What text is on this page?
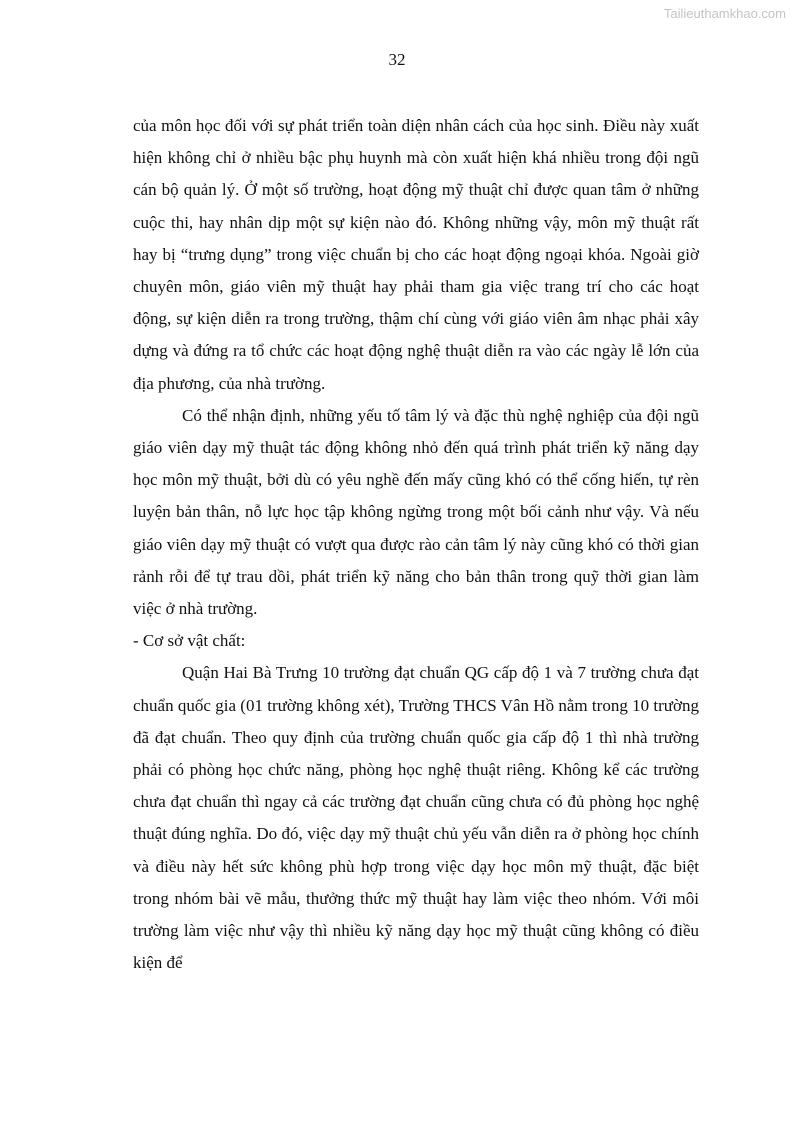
Tailieuthamkhao.com
32

của môn học đối với sự phát triển toàn diện nhân cách của học sinh. Điều này xuất hiện không chỉ ở nhiều bậc phụ huynh mà còn xuất hiện khá nhiều trong đội ngũ cán bộ quản lý. Ở một số trường, hoạt động mỹ thuật chỉ được quan tâm ở những cuộc thi, hay nhân dịp một sự kiện nào đó. Không những vậy, môn mỹ thuật rất hay bị “trưng dụng” trong việc chuẩn bị cho các hoạt động ngoại khóa. Ngoài giờ chuyên môn, giáo viên mỹ thuật hay phải tham gia việc trang trí cho các hoạt động, sự kiện diễn ra trong trường, thậm chí cùng với giáo viên âm nhạc phải xây dựng và đứng ra tổ chức các hoạt động nghệ thuật diễn ra vào các ngày lễ lớn của địa phương, của nhà trường.

Có thể nhận định, những yếu tố tâm lý và đặc thù nghệ nghiệp của đội ngũ giáo viên dạy mỹ thuật tác động không nhỏ đến quá trình phát triển kỹ năng dạy học môn mỹ thuật, bởi dù có yêu nghề đến mấy cũng khó có thể cống hiến, tự rèn luyện bản thân, nỗ lực học tập không ngừng trong một bối cảnh như vậy. Và nếu giáo viên dạy mỹ thuật có vượt qua được rào cản tâm lý này cũng khó có thời gian rảnh rỗi để tự trau dồi, phát triển kỹ năng cho bản thân trong quỹ thời gian làm việc ở nhà trường.

- Cơ sở vật chất:

Quận Hai Bà Trưng 10 trường đạt chuẩn QG cấp độ 1 và 7 trường chưa đạt chuẩn quốc gia (01 trường không xét), Trường THCS Vân Hồ nằm trong 10 trường đã đạt chuẩn. Theo quy định của trường chuẩn quốc gia cấp độ 1 thì nhà trường phải có phòng học chức năng, phòng học nghệ thuật riêng. Không kể các trường chưa đạt chuẩn thì ngay cả các trường đạt chuẩn cũng chưa có đủ phòng học nghệ thuật đúng nghĩa. Do đó, việc dạy mỹ thuật chủ yếu vẫn diễn ra ở phòng học chính và điều này hết sức không phù hợp trong việc dạy học môn mỹ thuật, đặc biệt trong nhóm bài vẽ mẫu, thưởng thức mỹ thuật hay làm việc theo nhóm. Với môi trường làm việc như vậy thì nhiều kỹ năng dạy học mỹ thuật cũng không có điều kiện để
